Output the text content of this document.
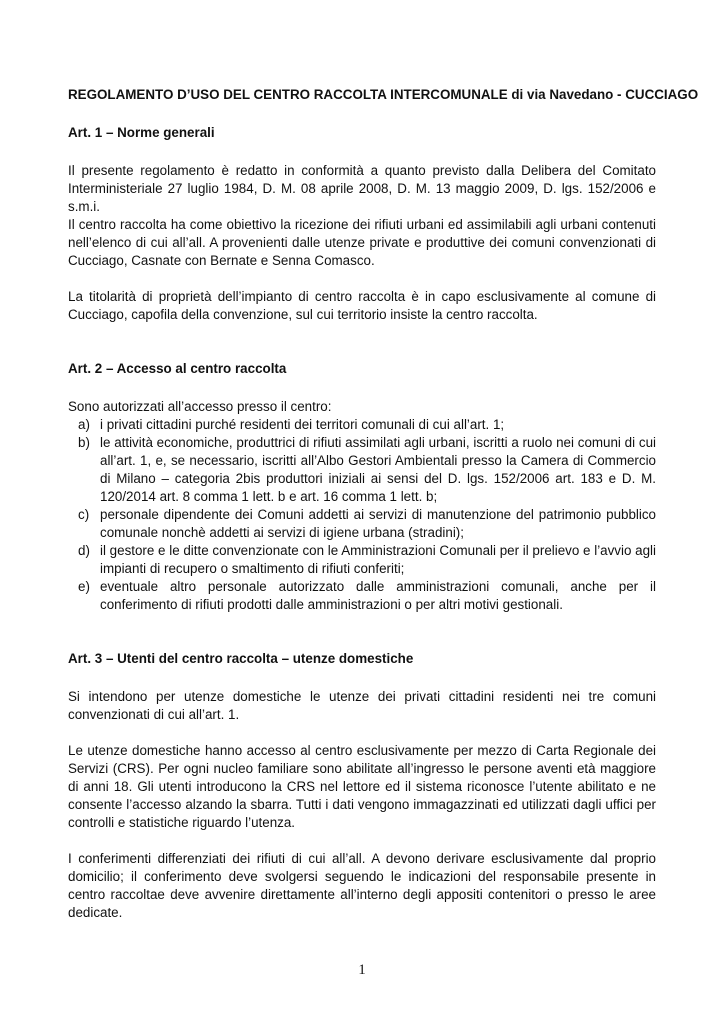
REGOLAMENTO D’USO DEL CENTRO RACCOLTA INTERCOMUNALE di via Navedano - CUCCIAGO
Art. 1 – Norme generali
Il presente regolamento è redatto in conformità a quanto previsto dalla Delibera del Comitato Interministeriale 27 luglio 1984, D. M. 08 aprile 2008, D. M. 13 maggio 2009, D. lgs. 152/2006 e s.m.i.
Il centro raccolta ha come obiettivo la ricezione dei rifiuti urbani ed assimilabili agli urbani contenuti nell’elenco di cui all’all. A provenienti dalle utenze private e produttive dei comuni convenzionati di Cucciago, Casnate con Bernate e Senna Comasco.
La titolarità di proprietà dell’impianto di centro raccolta è in capo esclusivamente al comune di Cucciago, capofila della convenzione, sul cui territorio insiste la centro raccolta.
Art. 2 – Accesso al centro raccolta
Sono autorizzati all’accesso presso il centro:
a) i privati cittadini purché residenti dei territori comunali di cui all’art. 1;
b) le attività economiche, produttrici di rifiuti assimilati agli urbani, iscritti a ruolo nei comuni di cui all’art. 1, e, se necessario, iscritti all’Albo Gestori Ambientali presso la Camera di Commercio di Milano – categoria 2bis produttori iniziali ai sensi del D. lgs. 152/2006 art. 183 e D. M. 120/2014 art. 8 comma 1 lett. b e art. 16 comma 1 lett. b;
c) personale dipendente dei Comuni addetti ai servizi di manutenzione del patrimonio pubblico comunale nonchè addetti ai servizi di igiene urbana (stradini);
d) il gestore e le ditte convenzionate con le Amministrazioni Comunali per il prelievo e l’avvio agli impianti di recupero o smaltimento di rifiuti conferiti;
e) eventuale altro personale autorizzato dalle amministrazioni comunali, anche per il conferimento di rifiuti prodotti dalle amministrazioni o per altri motivi gestionali.
Art. 3 – Utenti del centro raccolta – utenze domestiche
Si intendono per utenze domestiche le utenze dei privati cittadini residenti nei tre comuni convenzionati di cui all’art. 1.
Le utenze domestiche hanno accesso al centro esclusivamente per mezzo di Carta Regionale dei Servizi (CRS). Per ogni nucleo familiare sono abilitate all’ingresso le persone aventi età maggiore di anni 18. Gli utenti introducono la CRS nel lettore ed il sistema riconosce l’utente abilitato e ne consente l’accesso alzando la sbarra. Tutti i dati vengono immagazzinati ed utilizzati dagli uffici per controlli e statistiche riguardo l’utenza.
I conferimenti differenziati dei rifiuti di cui all’all. A devono derivare esclusivamente dal proprio domicilio; il conferimento deve svolgersi seguendo le indicazioni del responsabile presente in centro raccoltae deve avvenire direttamente all’interno degli appositi contenitori o presso le aree dedicate.
1
